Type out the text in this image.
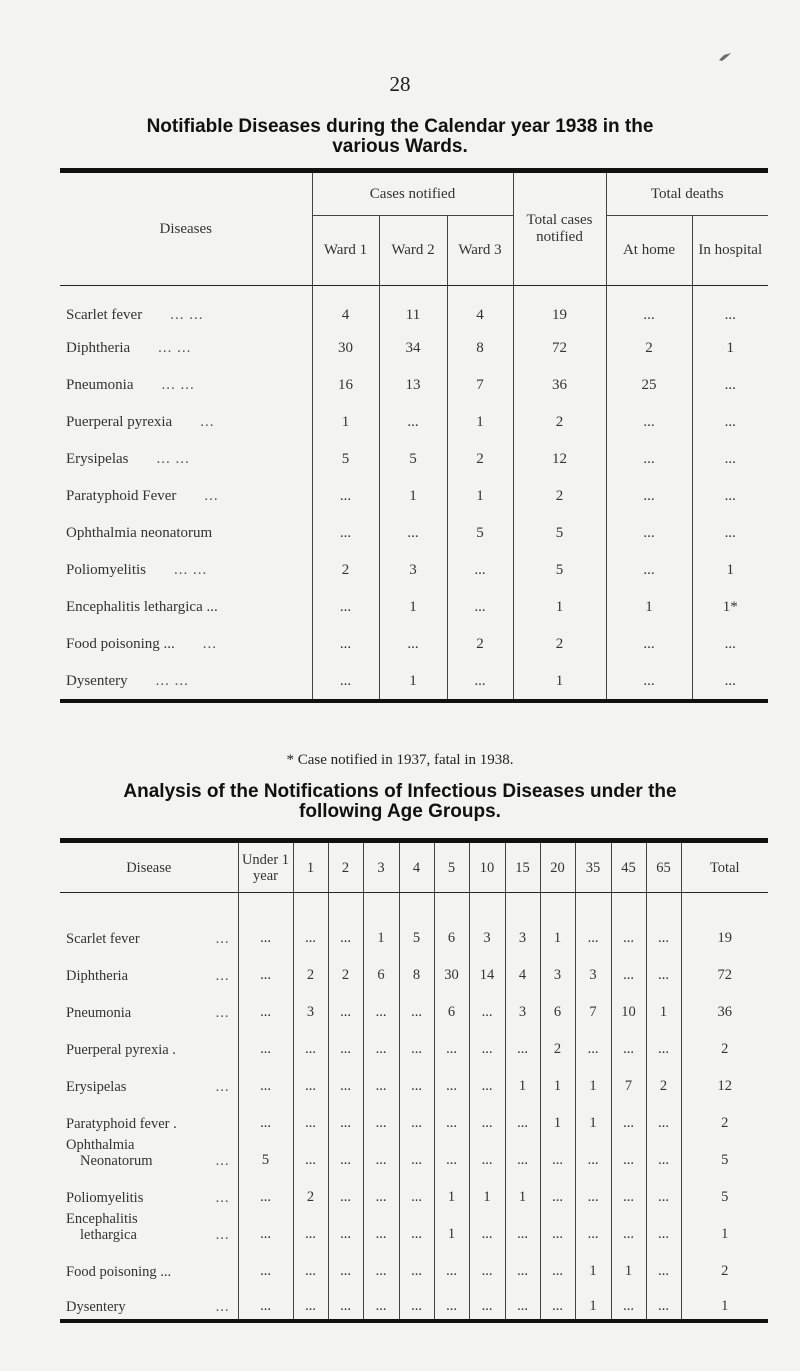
28
Notifiable Diseases during the Calendar year 1938 in the
various Wards.
Diseases	Cases notified			Total cases notified	Total deaths	
	Ward 1	Ward 2	Ward 3		At home	In hospital
Scarlet fever ... ...	4	11	4	19	...	...
Diphtheria ... ...	30	34	8	72	2	1
Pneumonia ... ...	16	13	7	36	25	...
Puerperal pyrexia ...	1	...	1	2	...	...
Erysipelas ... ...	5	5	2	12	...	...
Paratyphoid Fever ...	...	1	1	2	...	...
Ophthalmia neonatorum	...	...	5	5	...	...
Poliomyelitis ... ...	2	3	...	5	...	1
Encephalitis lethargica ...	...	1	...	1	1	1*
Food poisoning ... ...	...	...	2	2	...	...
Dysentery ... ...	...	1	...	1	...	...
* Case notified in 1937, fatal in 1938.
Analysis of the Notifications of Infectious Diseases under the
following Age Groups.
Disease	Under 1 year	1	2	3	4	5	10	15	20	35	45	65	Total

Scarlet fever ...	...	...	...	1	5	6	3	3	1	...	...	...	19

Diphtheria ...	...	2	2	6	8	30	14	4	3	3	...	...	72

Pneumonia ...	...	3	...	...	...	6	...	3	6	7	10	1	36

Puerperal pyrexia .	...	...	...	...	...	...	...	...	2	...	...	...	2

Erysipelas ...	...	...	...	...	...	...	...	1	1	1	7	2	12

Paratyphoid fever .	...	...	...	...	...	...	...	...	1	1	...	...	2

Ophthalmia
Neonatorum ...	5	...	...	...	...	...	...	...	...	...	...	...	5

Poliomyelitis ...	...	2	...	...	...	1	1	1	...	...	...	...	5

Encephalitis
lethargica ...	...	...	...	...	...	1	...	...	...	...	...	...	1

Food poisoning ...	...	...	...	...	...	...	...	...	...	1	1	...	2

Dysentery ...	...	...	...	...	...	...	...	...	...	1	...	...	1
